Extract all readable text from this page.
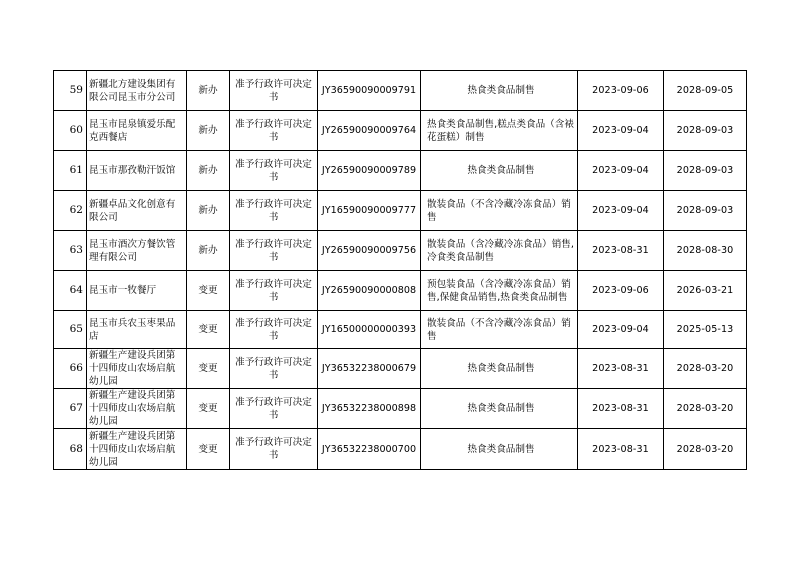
59	新疆北方建设集团有限公司昆玉市分公司	新办	准予行政许可决定书	JY36590090009791	热食类食品制售	2023-09-06	2028-09-05
60	昆玉市昆泉镇爱乐配克西餐店	新办	准予行政许可决定书	JY26590090009764	热食类食品制售,糕点类食品（含裱花蛋糕）制售	2023-09-04	2028-09-03
61	昆玉市那孜勒汗饭馆	新办	准予行政许可决定书	JY26590090009789	热食类食品制售	2023-09-04	2028-09-03
62	新疆卓品文化创意有限公司	新办	准予行政许可决定书	JY16590090009777	散装食品（不含冷藏冷冻食品）销售	2023-09-04	2028-09-03
63	昆玉市酒次方餐饮管理有限公司	新办	准予行政许可决定书	JY26590090009756	散装食品（含冷藏冷冻食品）销售,冷食类食品制售	2023-08-31	2028-08-30
64	昆玉市一牧餐厅	变更	准予行政许可决定书	JY26590090000808	预包装食品（含冷藏冷冻食品）销售,保健食品销售,热食类食品制售	2023-09-06	2026-03-21
65	昆玉市兵农玉枣果品店	变更	准予行政许可决定书	JY16500000000393	散装食品（不含冷藏冷冻食品）销售	2023-09-04	2025-05-13
66	新疆生产建设兵团第十四师皮山农场启航幼儿园	变更	准予行政许可决定书	JY36532238000679	热食类食品制售	2023-08-31	2028-03-20
67	新疆生产建设兵团第十四师皮山农场启航幼儿园	变更	准予行政许可决定书	JY36532238000898	热食类食品制售	2023-08-31	2028-03-20
68	新疆生产建设兵团第十四师皮山农场启航幼儿园	变更	准予行政许可决定书	JY36532238000700	热食类食品制售	2023-08-31	2028-03-20
